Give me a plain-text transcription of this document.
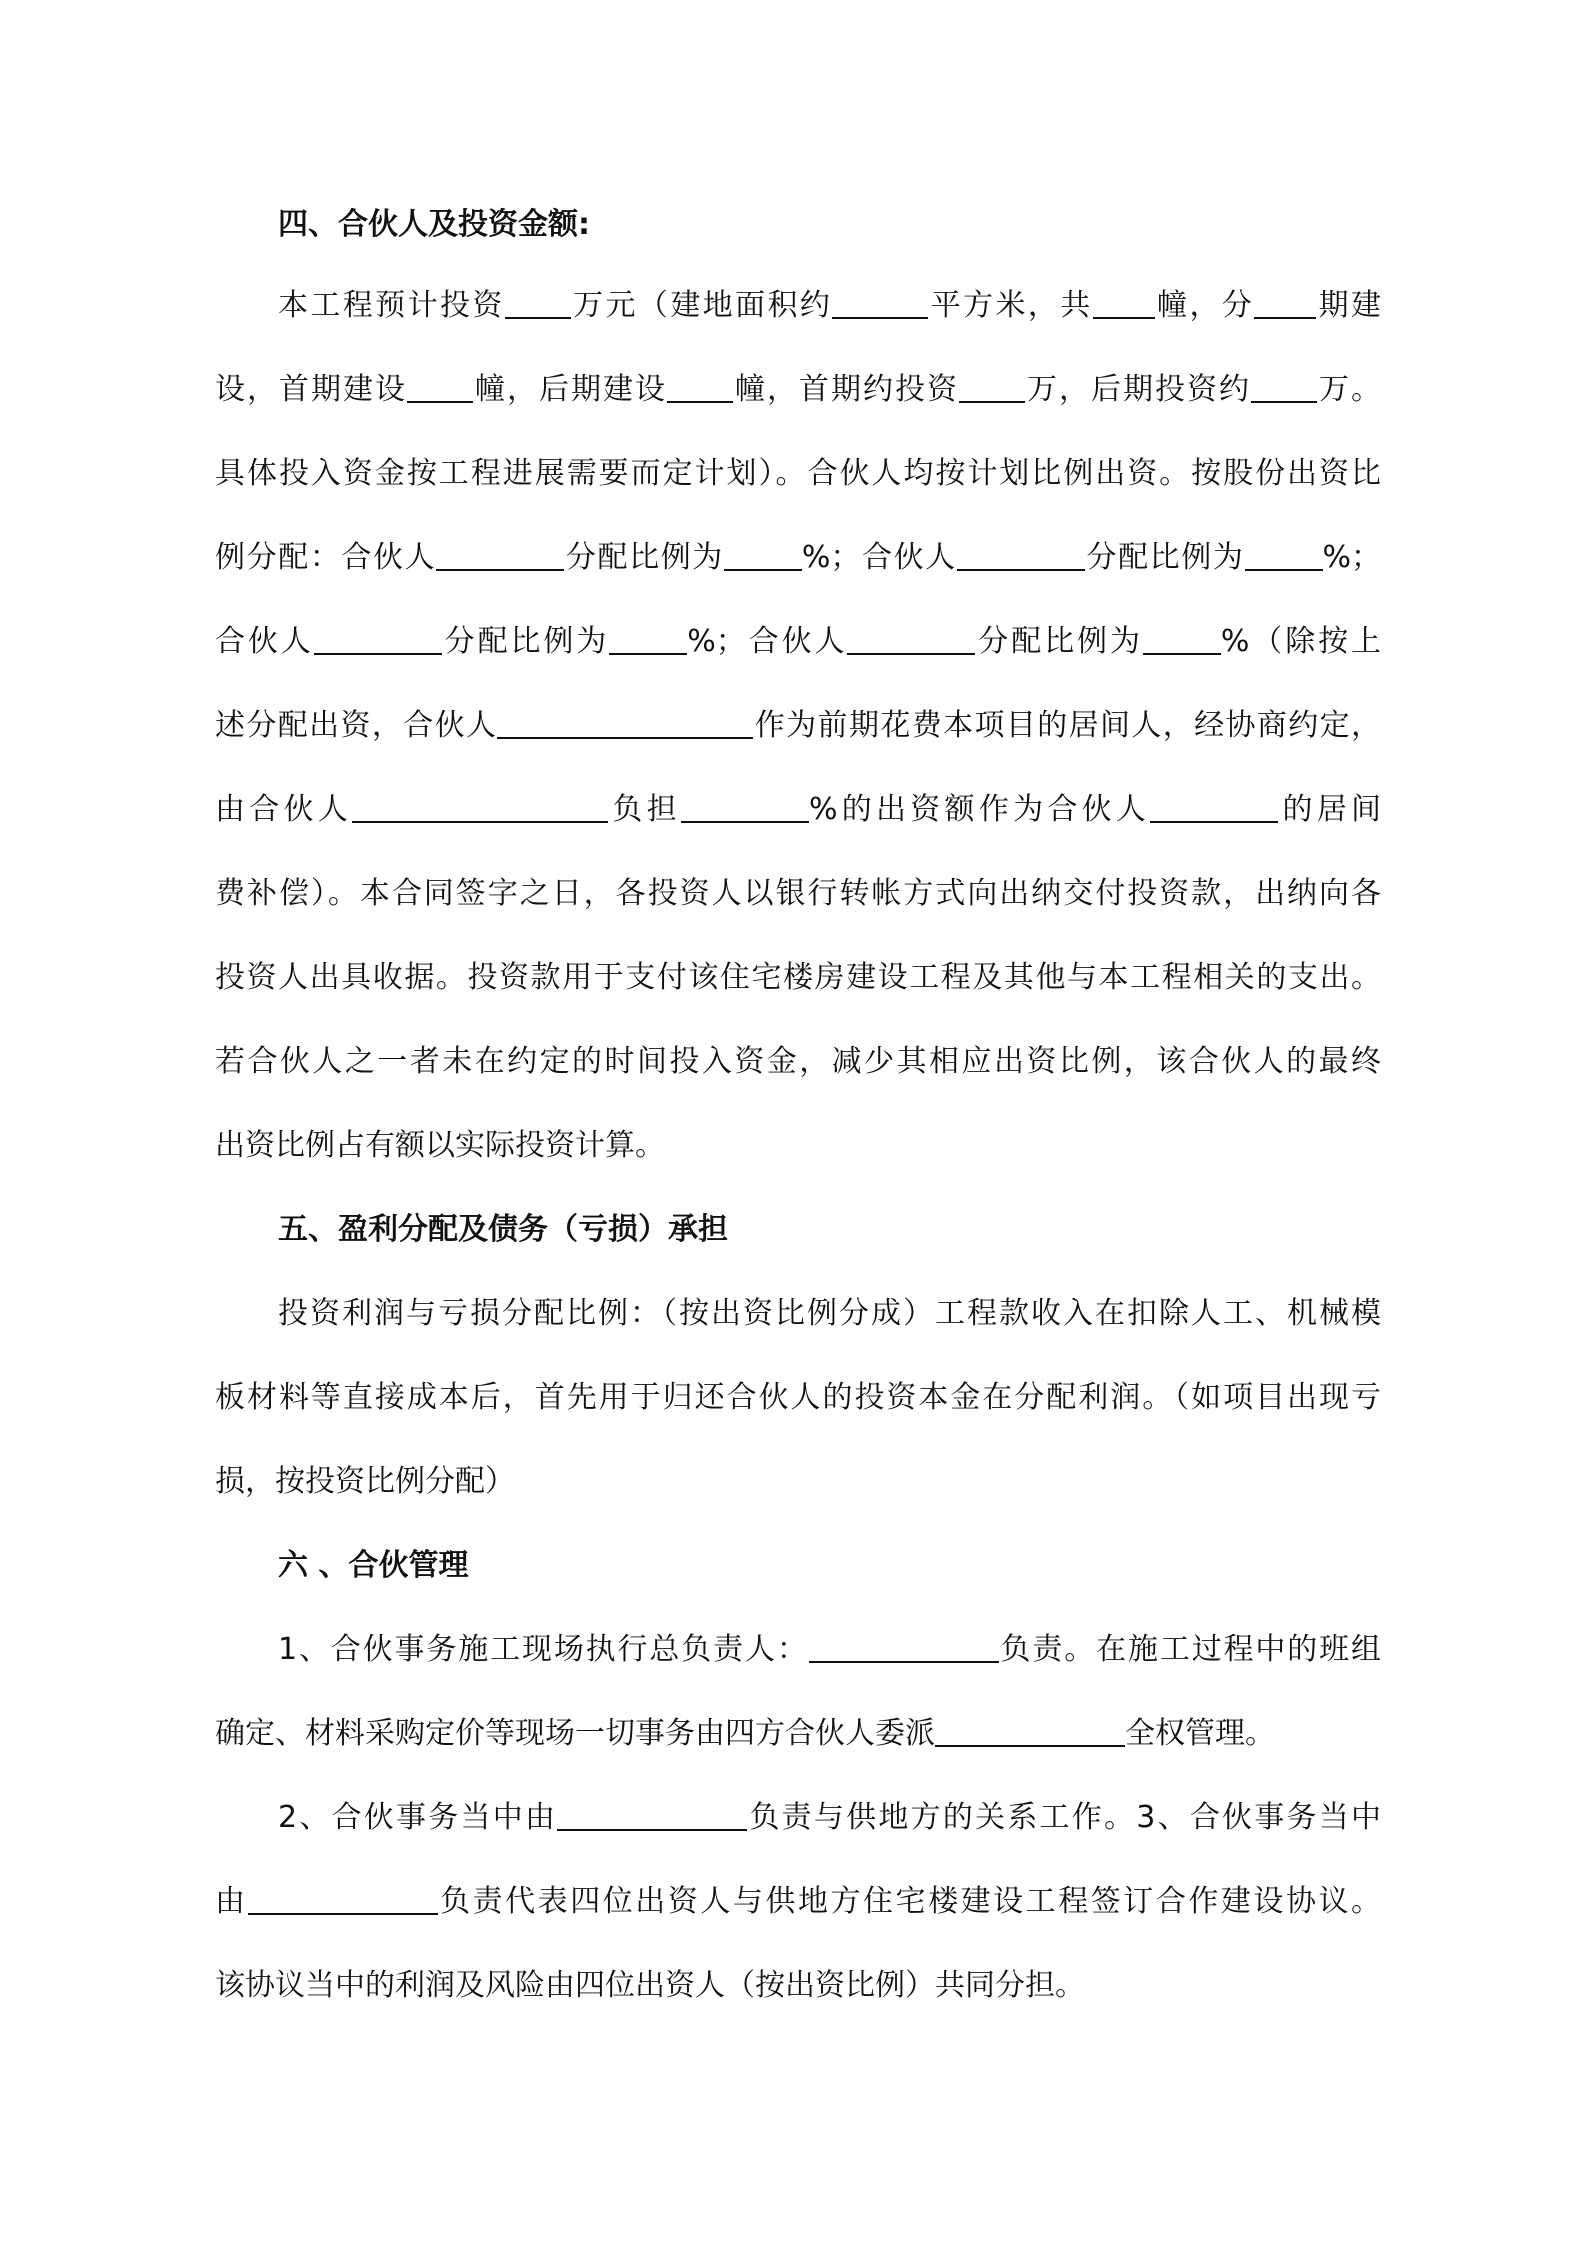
四、合伙人及投资金额:

本工程预计投资 万元（建地面积约	平方米，共 幢，分 期建

设，首期建设 幢，后期建设 幢，首期约投资 万，后期投资约 万。

具体投入资金按工程进展需要而定计划）。合伙人均按计划比例出资。按股份出资比

例分配：合伙人	分配比例为	%；合伙人	分配比例为	%；

合伙人	分配比例为	%；合伙人	分配比例为	%（除按上

述分配出资，合伙人	作为前期花费本项目的居间人，经协商约定，

由合伙人	负担	%的出资额作为合伙人	的居间

费补偿）。本合同签字之日，各投资人以银行转帐方式向出纳交付投资款，出纳向各

投资人出具收据。投资款用于支付该住宅楼房建设工程及其他与本工程相关的支出。

若合伙人之一者未在约定的时间投入资金，减少其相应出资比例，该合伙人的最终

出资比例占有额以实际投资计算。

五、盈利分配及债务（亏损）承担

投资利润与亏损分配比例：（按出资比例分成）工程款收入在扣除人工、机械模

板材料等直接成本后，首先用于归还合伙人的投资本金在分配利润。（如项目出现亏

损，按投资比例分配）

六 、合伙管理

1、合伙事务施工现场执行总负责人：	负责。在施工过程中的班组

确定、材料采购定价等现场一切事务由四方合伙人委派	全权管理。

2、合伙事务当中由	负责与供地方的关系工作。3、合伙事务当中

由	负责代表四位出资人与供地方住宅楼建设工程签订合作建设协议。

该协议当中的利润及风险由四位出资人（按出资比例）共同分担。
